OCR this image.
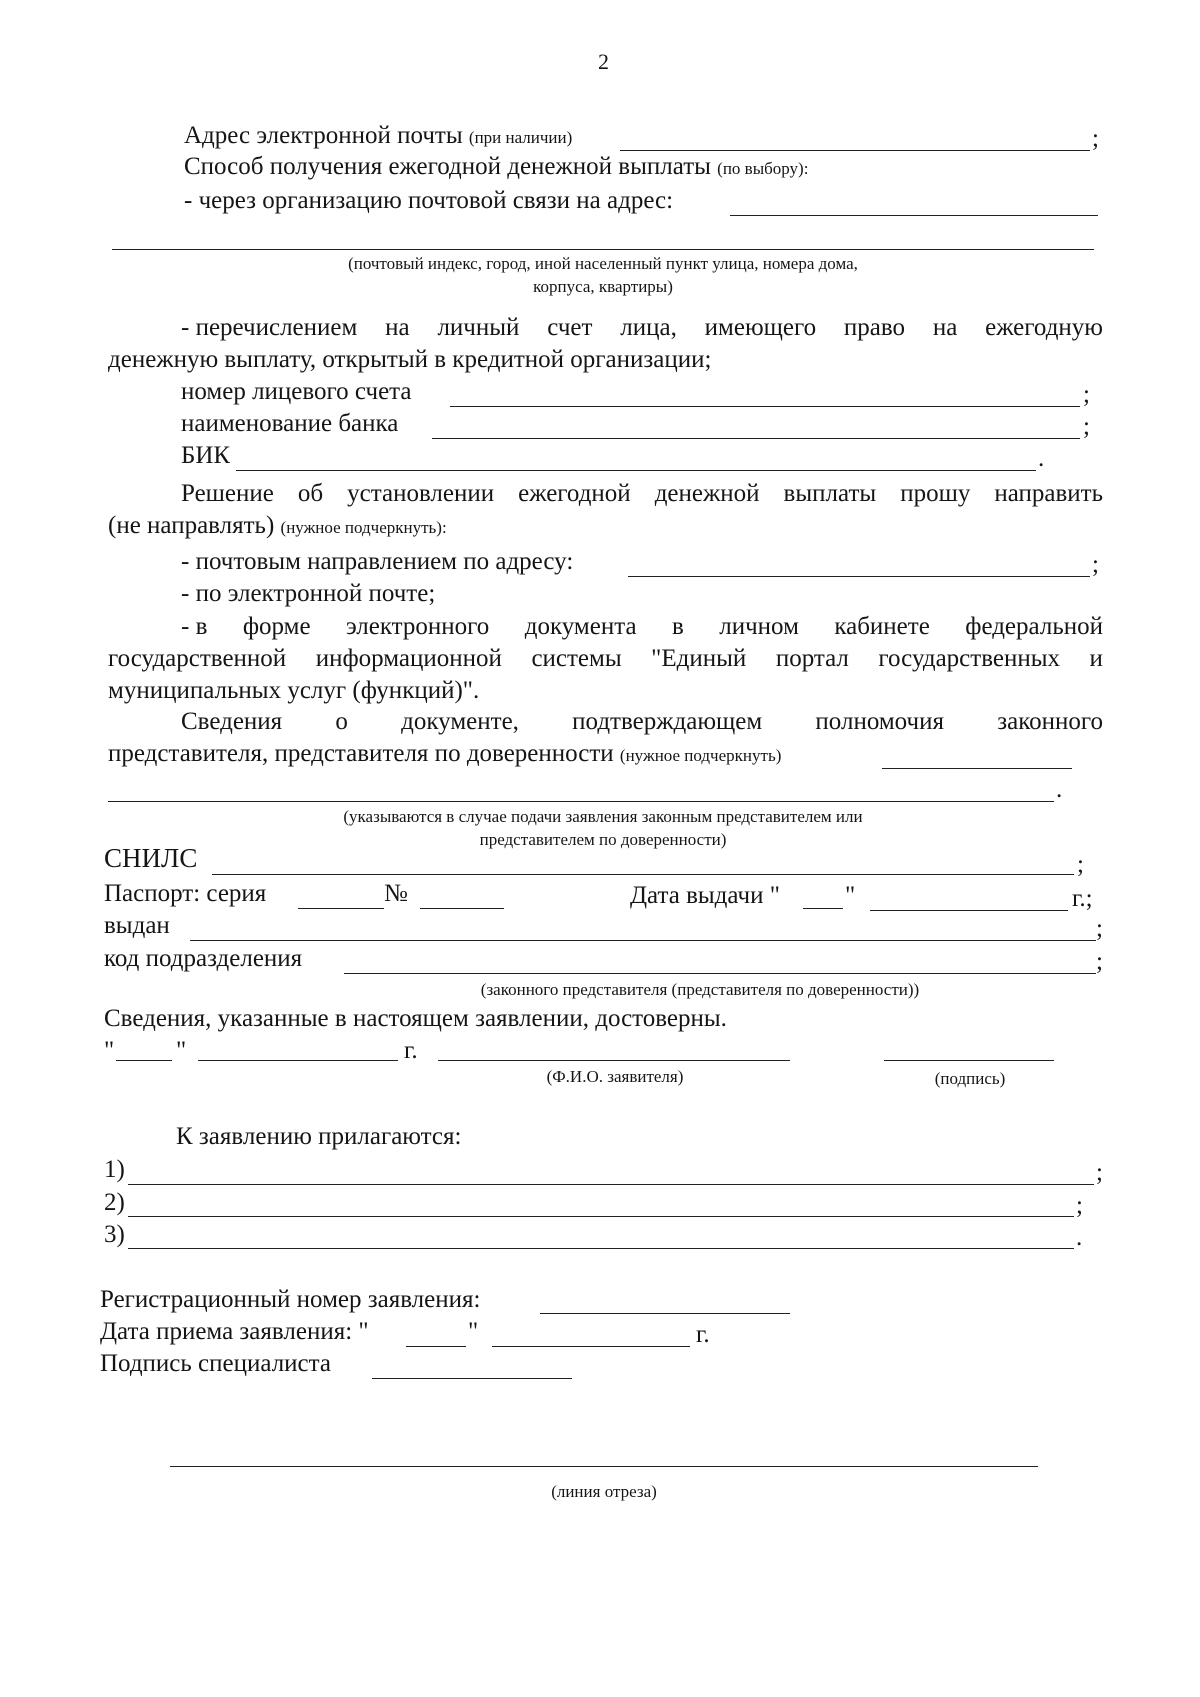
2
Адрес электронной почты (при наличии)	;
Способ получения ежегодной денежной выплаты (по выбору):
- через организацию почтовой связи на адрес:
(почтовый индекс, город, иной населенный пункт улица, номера дома,
корпуса, квартиры)
- перечислением на личный счет лица, имеющего право на ежегодную
денежную выплату, открытый в кредитной организации;
номер лицевого счета	;
наименование банка	;
БИК	.
Решение об установлении ежегодной денежной выплаты прошу направить
(не направлять) (нужное подчеркнуть):
- почтовым направлением по адресу:	;
- по электронной почте;
- в форме электронного документа в личном кабинете федеральной
государственной информационной системы "Единый портал государственных и
муниципальных услуг (функций)".
Сведения о документе, подтверждающем полномочия законного
представителя, представителя по доверенности (нужное подчеркнуть)
.
(указываются в случае подачи заявления законным представителем или
представителем по доверенности)
СНИЛС	;
Паспорт: серия	№	Дата выдачи "	"	г.;
выдан	;
код подразделения	;
(законного представителя (представителя по доверенности))
Сведения, указанные в настоящем заявлении, достоверны.
" "	г.
(Ф.И.О. заявителя)	(подпись)
К заявлению прилагаются:
1)	;
2)	;
3)	.
Регистрационный номер заявления:
Дата приема заявления: "	"	г.
Подпись специалиста
(линия отреза)
